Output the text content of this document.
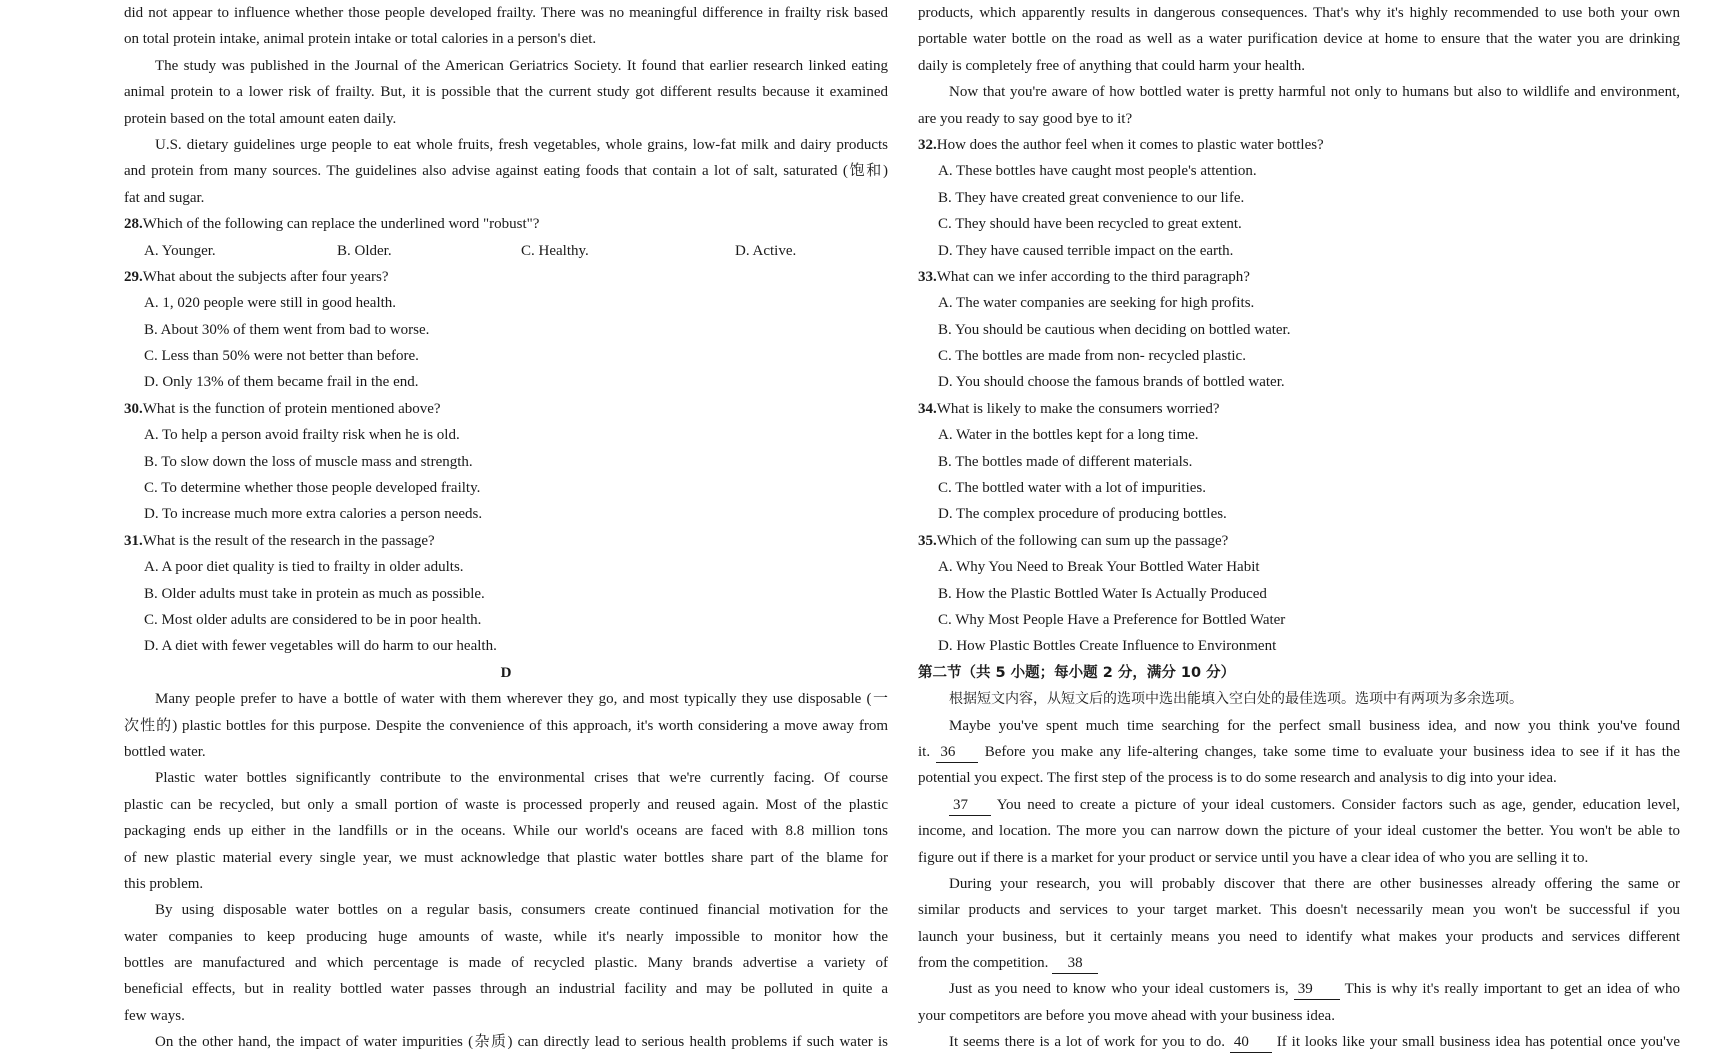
did not appear to influence whether those people developed frailty. There was no meaningful difference in frailty risk based
on total protein intake, animal protein intake or total calories in a person's diet.
The study was published in the Journal of the American Geriatrics Society. It found that earlier research linked eating
animal protein to a lower risk of frailty. But, it is possible that the current study got different results because it examined
protein based on the total amount eaten daily.
U.S. dietary guidelines urge people to eat whole fruits, fresh vegetables, whole grains, low-fat milk and dairy products
and protein from many sources. The guidelines also advise against eating foods that contain a lot of salt, saturated (饱和)
fat and sugar.
28.Which of the following can replace the underlined word "robust"?
A. Younger.	B. Older.	C. Healthy.	D. Active.
29.What about the subjects after four years?
A. 1, 020 people were still in good health.
B. About 30% of them went from bad to worse.
C. Less than 50% were not better than before.
D. Only 13% of them became frail in the end.
30.What is the function of protein mentioned above?
A. To help a person avoid frailty risk when he is old.
B. To slow down the loss of muscle mass and strength.
C. To determine whether those people developed frailty.
D. To increase much more extra calories a person needs.
31.What is the result of the research in the passage?
A. A poor diet quality is tied to frailty in older adults.
B. Older adults must take in protein as much as possible.
C. Most older adults are considered to be in poor health.
D. A diet with fewer vegetables will do harm to our health.
D
Many people prefer to have a bottle of water with them wherever they go, and most typically they use disposable (一
次性的) plastic bottles for this purpose. Despite the convenience of this approach, it's worth considering a move away from
bottled water.
Plastic water bottles significantly contribute to the environmental crises that we're currently facing. Of course
plastic can be recycled, but only a small portion of waste is processed properly and reused again. Most of the plastic
packaging ends up either in the landfills or in the oceans. While our world's oceans are faced with 8.8 million tons
of new plastic material every single year, we must acknowledge that plastic water bottles share part of the blame for
this problem.
By using disposable water bottles on a regular basis, consumers create continued financial motivation for the
water companies to keep producing huge amounts of waste, while it's nearly impossible to monitor how the
bottles are manufactured and which percentage is made of recycled plastic. Many brands advertise a variety of
beneficial effects, but in reality bottled water passes through an industrial facility and may be polluted in quite a
few ways.
On the other hand, the impact of water impurities (杂质) can directly lead to serious health problems if such water is
products, which apparently results in dangerous consequences. That's why it's highly recommended to use both your own
portable water bottle on the road as well as a water purification device at home to ensure that the water you are drinking
daily is completely free of anything that could harm your health.
Now that you're aware of how bottled water is pretty harmful not only to humans but also to wildlife and environment,
are you ready to say good bye to it?
32.How does the author feel when it comes to plastic water bottles?
A. These bottles have caught most people's attention.
B. They have created great convenience to our life.
C. They should have been recycled to great extent.
D. They have caused terrible impact on the earth.
33.What can we infer according to the third paragraph?
A. The water companies are seeking for high profits.
B. You should be cautious when deciding on bottled water.
C. The bottles are made from non- recycled plastic.
D. You should choose the famous brands of bottled water.
34.What is likely to make the consumers worried?
A. Water in the bottles kept for a long time.
B. The bottles made of different materials.
C. The bottled water with a lot of impurities.
D. The complex procedure of producing bottles.
35.Which of the following can sum up the passage?
A. Why You Need to Break Your Bottled Water Habit
B. How the Plastic Bottled Water Is Actually Produced
C. Why Most People Have a Preference for Bottled Water
D. How Plastic Bottles Create Influence to Environment
第二节（共 5 小题；每小题 2 分，满分 10 分）
根据短文内容，从短文后的选项中选出能填入空白处的最佳选项。选项中有两项为多余选项。
Maybe you've spent much time searching for the perfect small business idea, and now you think you've found
it. 36 Before you make any life-altering changes, take some time to evaluate your business idea to see if it has the
potential you expect. The first step of the process is to do some research and analysis to dig into your idea.
37 You need to create a picture of your ideal customers. Consider factors such as age, gender, education level,
income, and location. The more you can narrow down the picture of your ideal customer the better. You won't be able to
figure out if there is a market for your product or service until you have a clear idea of who you are selling it to.
During your research, you will probably discover that there are other businesses already offering the same or
similar products and services to your target market. This doesn't necessarily mean you won't be successful if you
launch your business, but it certainly means you need to identify what makes your products and services different
from the competition. 38
Just as you need to know who your ideal customers is, 39 This is why it's really important to get an idea of who
your competitors are before you move ahead with your business idea.
It seems there is a lot of work for you to do. 40 If it looks like your small business idea has potential once you've
